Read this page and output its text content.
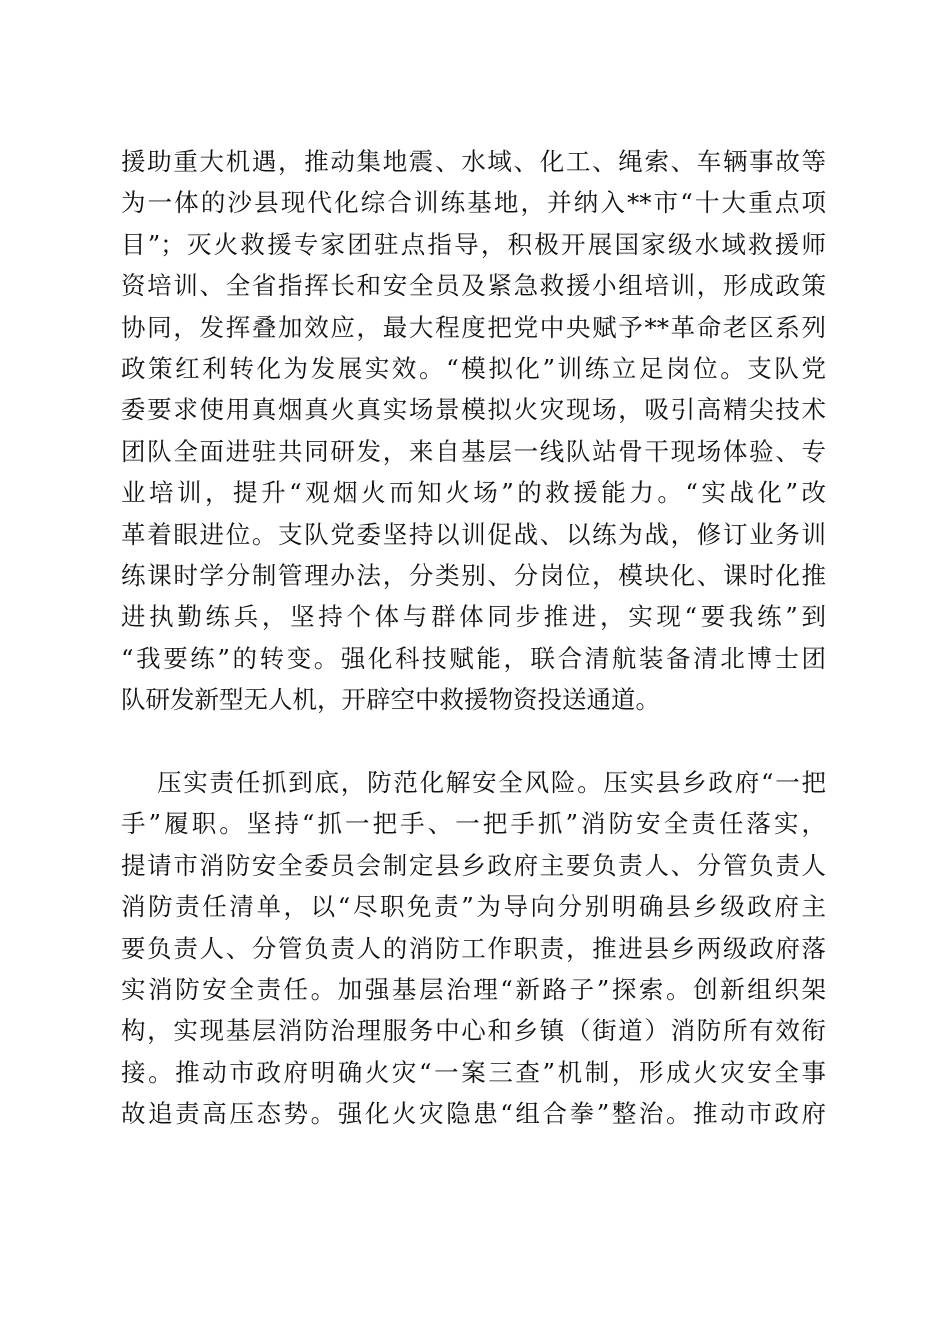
援助重大机遇，推动集地震、水域、化工、绳索、车辆事故等
为一体的沙县现代化综合训练基地，并纳入**市“十大重点项
目”；灭火救援专家团驻点指导，积极开展国家级水域救援师
资培训、全省指挥长和安全员及紧急救援小组培训，形成政策
协同，发挥叠加效应，最大程度把党中央赋予**革命老区系列
政策红利转化为发展实效。“模拟化”训练立足岗位。支队党
委要求使用真烟真火真实场景模拟火灾现场，吸引高精尖技术
团队全面进驻共同研发，来自基层一线队站骨干现场体验、专
业培训，提升“观烟火而知火场”的救援能力。“实战化”改
革着眼进位。支队党委坚持以训促战、以练为战，修订业务训
练课时学分制管理办法，分类别、分岗位，模块化、课时化推
进执勤练兵，坚持个体与群体同步推进，实现“要我练”到
“我要练”的转变。强化科技赋能，联合清航装备清北博士团
队研发新型无人机，开辟空中救援物资投送通道。
压实责任抓到底，防范化解安全风险。压实县乡政府“一把
手”履职。坚持“抓一把手、一把手抓”消防安全责任落实，
提请市消防安全委员会制定县乡政府主要负责人、分管负责人
消防责任清单，以“尽职免责”为导向分别明确县乡级政府主
要负责人、分管负责人的消防工作职责，推进县乡两级政府落
实消防安全责任。加强基层治理“新路子”探索。创新组织架
构，实现基层消防治理服务中心和乡镇（街道）消防所有效衔
接。推动市政府明确火灾“一案三查”机制，形成火灾安全事
故追责高压态势。强化火灾隐患“组合拳”整治。推动市政府
